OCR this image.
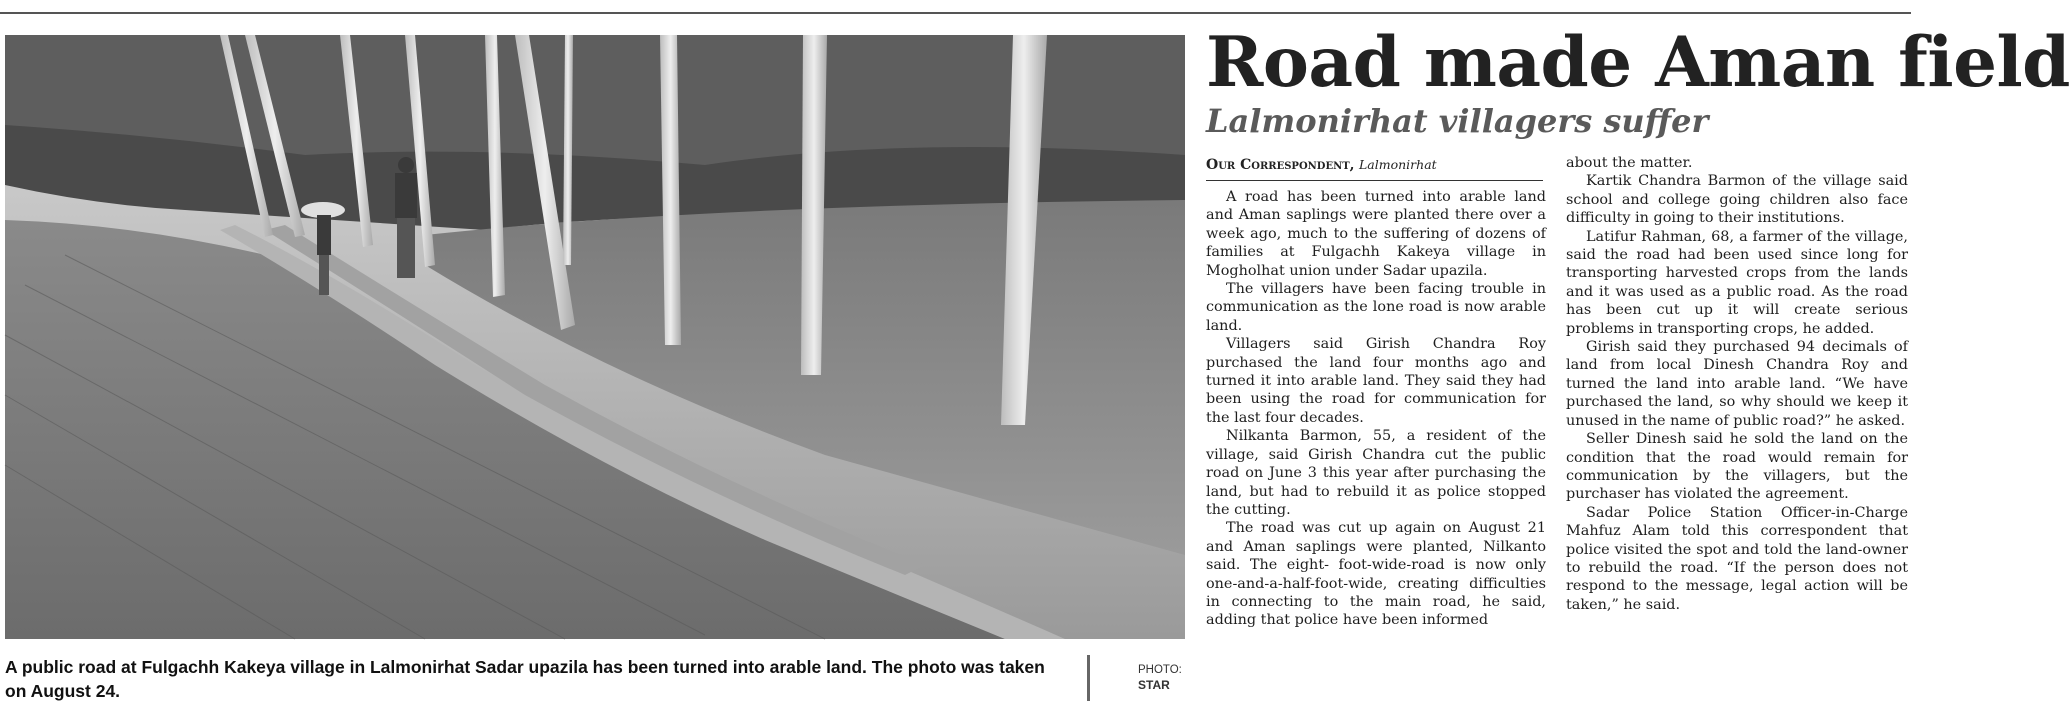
A public road at Fulgachh Kakeya village in Lalmonirhat Sadar upazila has been turned into arable land. The photo was taken on August 24.
PHOTO:
STAR
Road made Aman field
Lalmonirhat villagers suffer
Our Correspondent, Lalmonirhat

A road has been turned into arable land and Aman saplings were planted there over a week ago, much to the suffering of dozens of families at Fulgachh Kakeya village in Mogholhat union under Sadar upazila.

The villagers have been facing trouble in communication as the lone road is now arable land.

Villagers said Girish Chandra Roy purchased the land four months ago and turned it into arable land. They said they had been using the road for communication for the last four decades.

Nilkanta Barmon, 55, a resident of the village, said Girish Chandra cut the public road on June 3 this year after purchasing the land, but had to rebuild it as police stopped the cutting.

The road was cut up again on August 21 and Aman saplings were planted, Nilkanto said. The eight- foot-wide-road is now only one-and-a-half-foot-wide, creating difficulties in connecting to the main road, he said, adding that police have been informed

about the matter.

Kartik Chandra Barmon of the village said school and college going children also face difficulty in going to their institutions.

Latifur Rahman, 68, a farmer of the village, said the road had been used since long for transporting harvested crops from the lands and it was used as a public road. As the road has been cut up it will create serious problems in transporting crops, he added.

Girish said they purchased 94 decimals of land from local Dinesh Chandra Roy and turned the land into arable land. “We have purchased the land, so why should we keep it unused in the name of public road?” he asked.

Seller Dinesh said he sold the land on the condition that the road would remain for communication by the villagers, but the purchaser has violated the agreement.

Sadar Police Station Officer-in-Charge Mahfuz Alam told this correspondent that police visited the spot and told the land-owner to rebuild the road. “If the person does not respond to the message, legal action will be taken,” he said.
